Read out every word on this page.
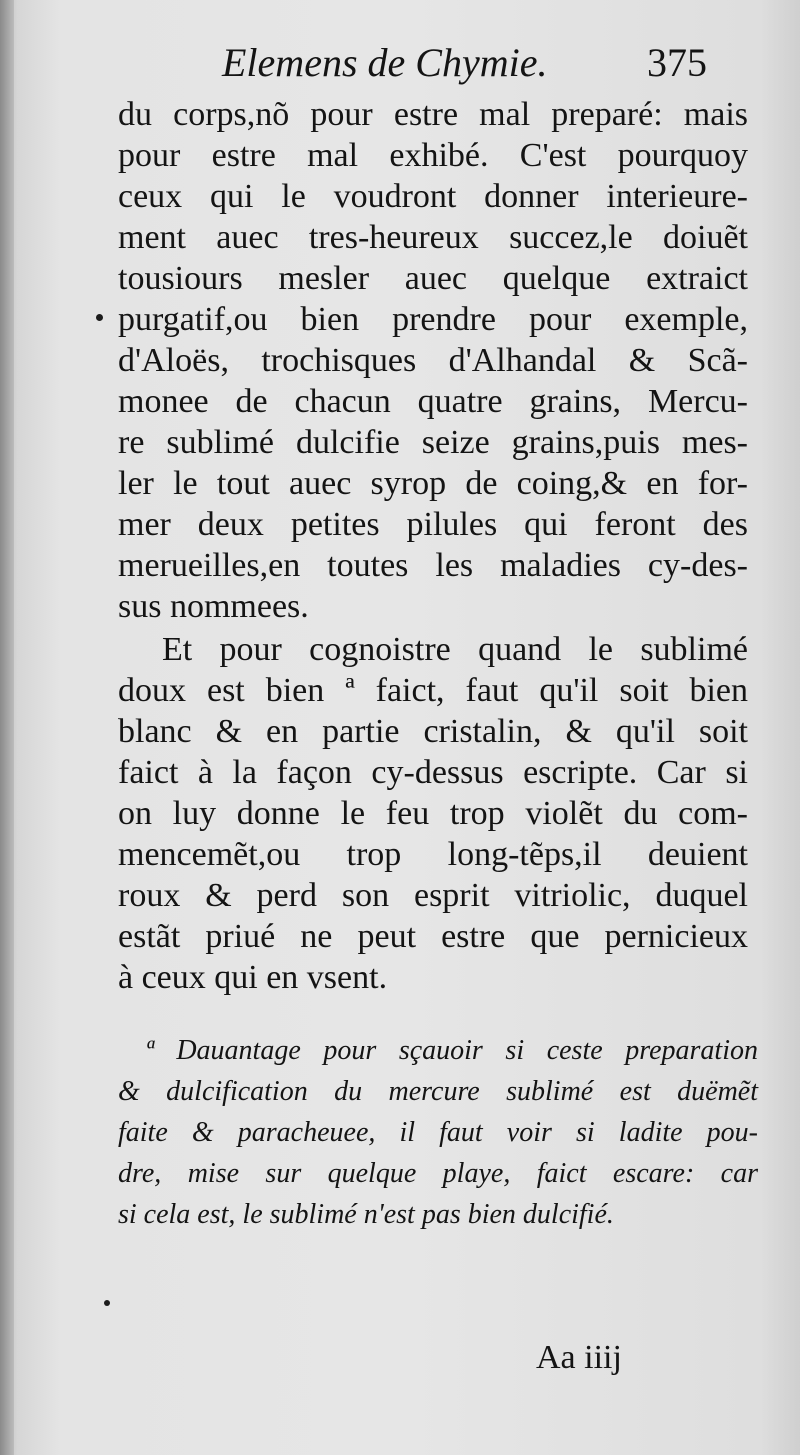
Elemens de Chymie. 375
du corps,nõ pour estre mal preparé: mais
pour estre mal exhibé. C'est pourquoy
ceux qui le voudront donner interieure-
ment auec tres-heureux succez,le doiuẽt
tousiours mesler auec quelque extraict
purgatif,ou bien prendre pour exemple,
d'Aloës, trochisques d'Alhandal & Scã-
monee de chacun quatre grains, Mercu-
re sublimé dulcifie seize grains,puis mes-
ler le tout auec syrop de coing,& en for-
mer deux petites pilules qui feront des
merueilles,en toutes les maladies cy-des-
sus nommees.
Et pour cognoistre quand le sublimé
doux est bien ª faict, faut qu'il soit bien
blanc & en partie cristalin, & qu'il soit
faict à la façon cy-dessus escripte. Car si
on luy donne le feu trop violẽt du com-
mencemẽt,ou trop long-tẽps,il deuient
roux & perd son esprit vitriolic, duquel
estãt priué ne peut estre que pernicieux
à ceux qui en vsent.
ª Dauantage pour sçauoir si ceste preparation
& dulcification du mercure sublimé est duëmẽt
faite & paracheuee, il faut voir si ladite pou-
dre, mise sur quelque playe, faict escare: car
si cela est, le sublimé n'est pas bien dulcifié.

Aa iiij
